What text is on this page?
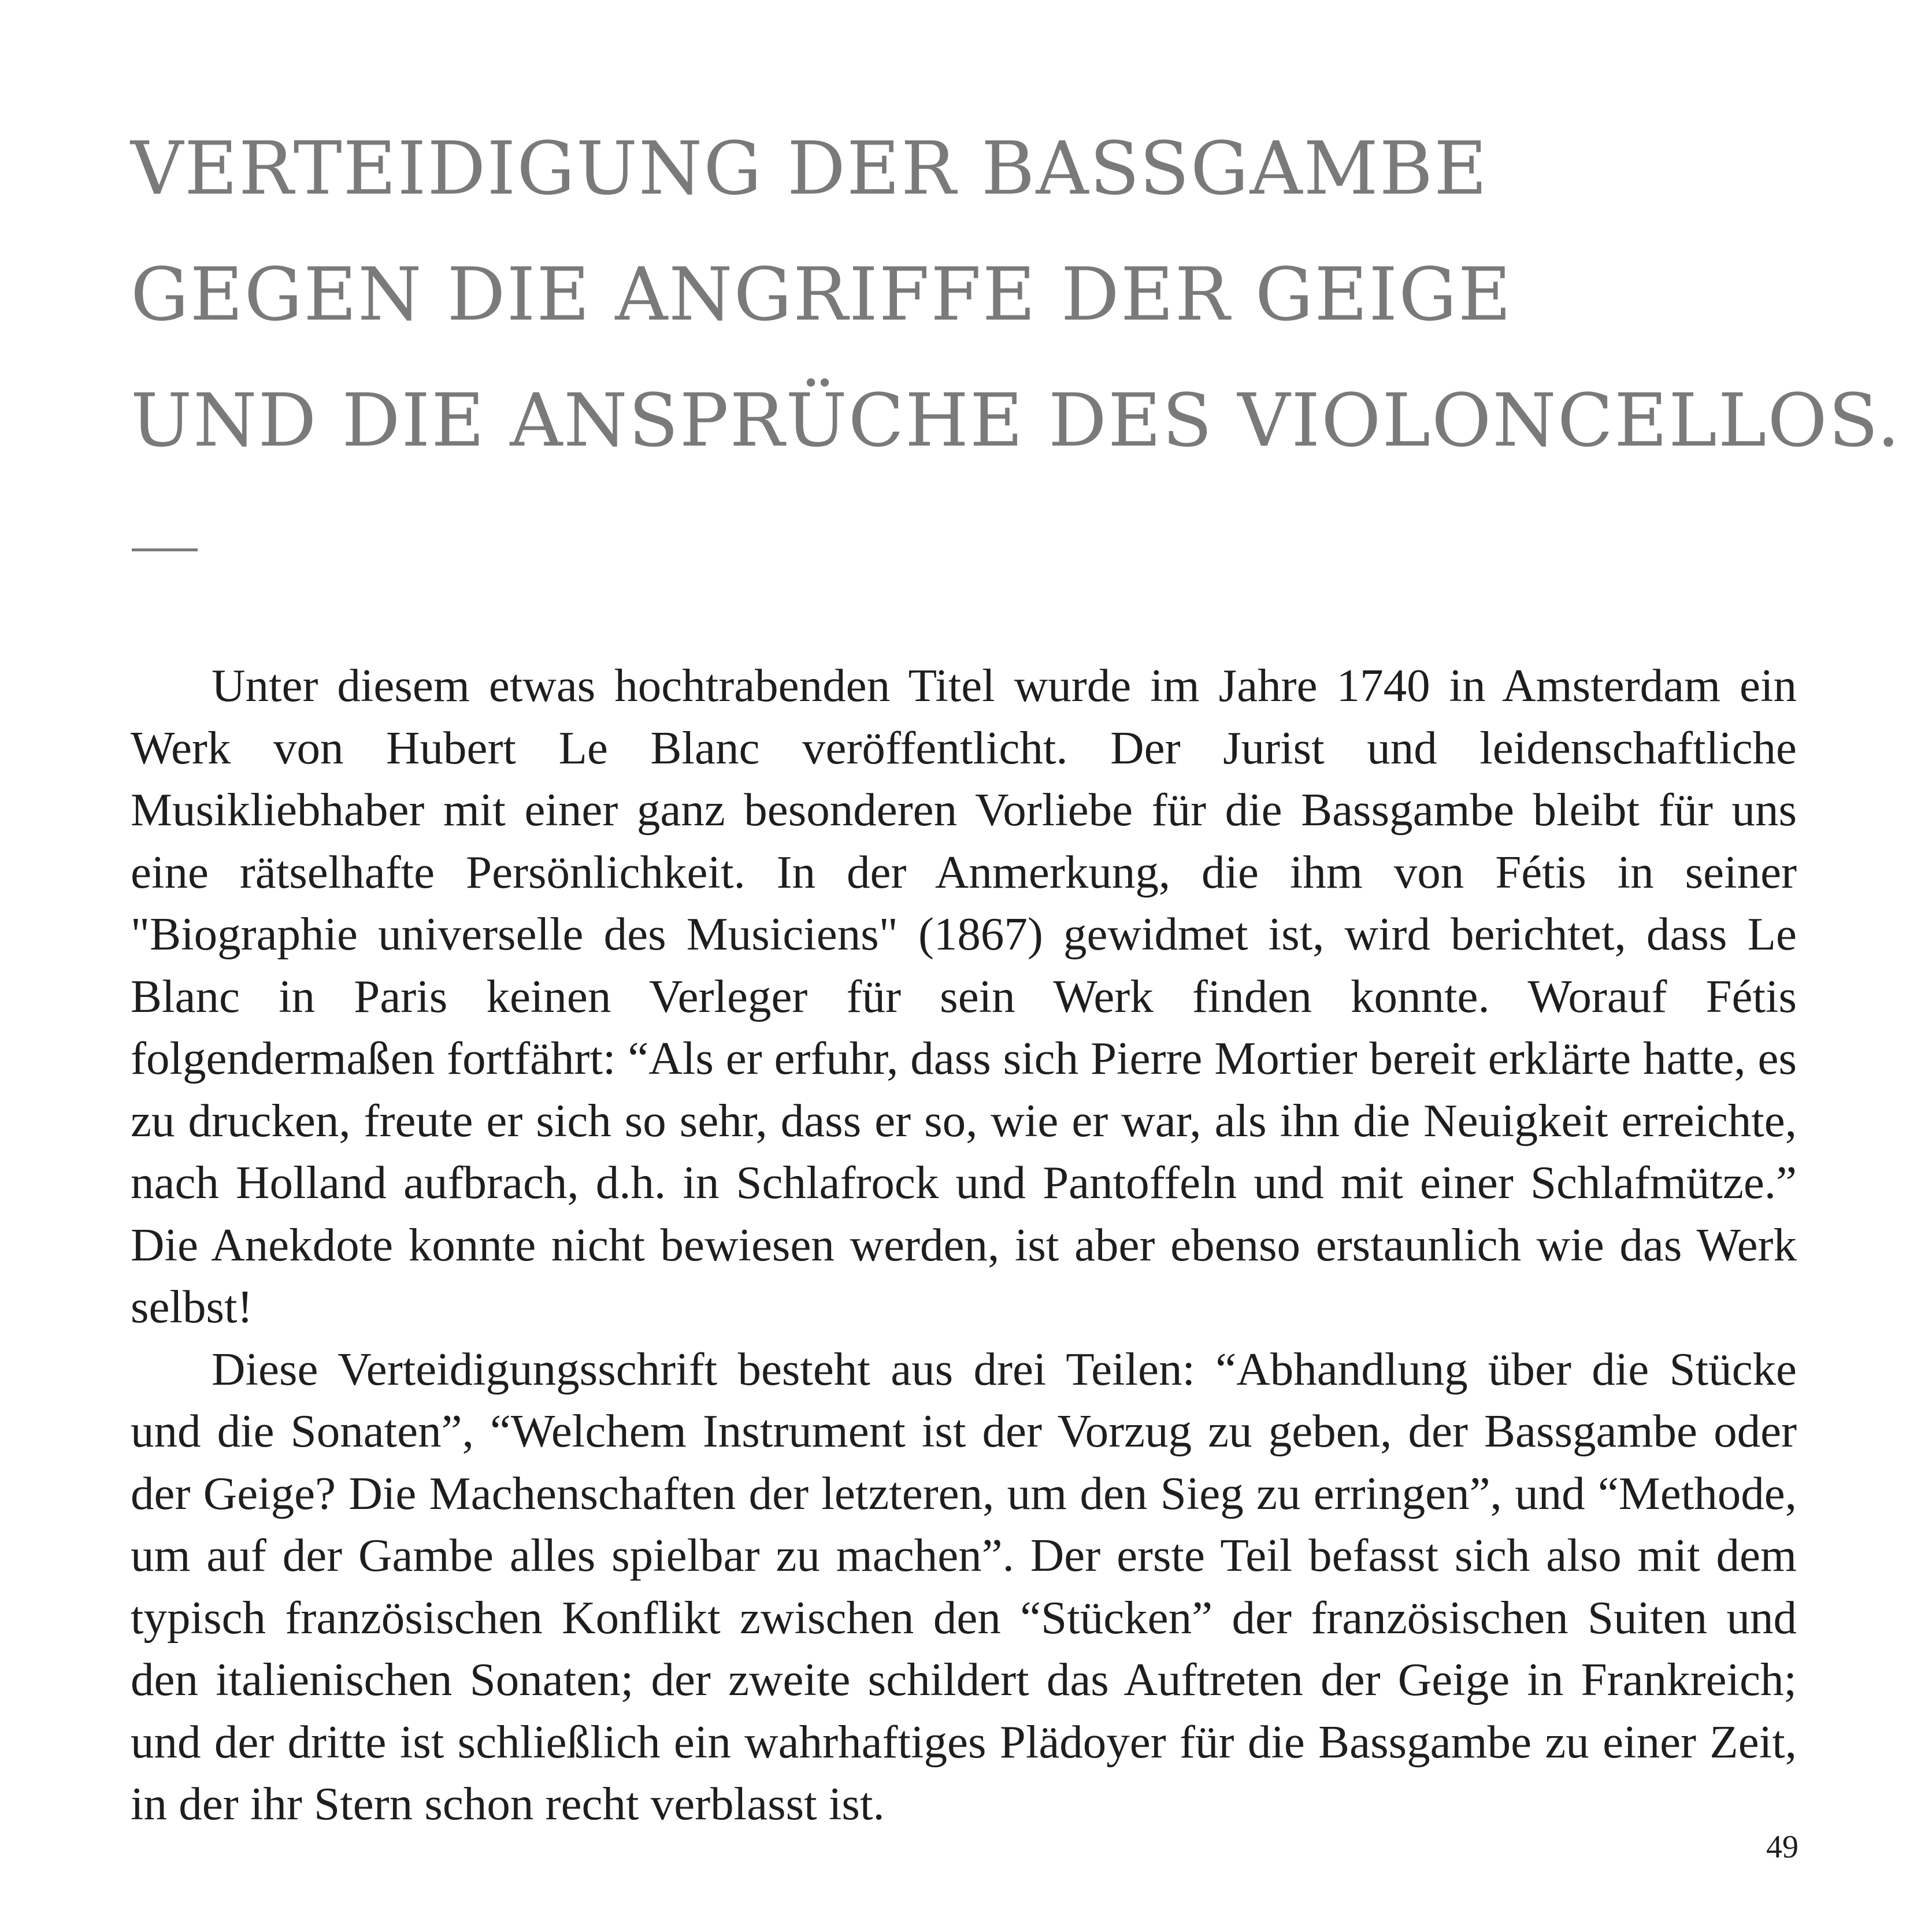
VERTEIDIGUNG DER BASSGAMBE
GEGEN DIE ANGRIFFE DER GEIGE
UND DIE ANSPRÜCHE DES VIOLONCELLOS.

Unter diesem etwas hochtrabenden Titel wurde im Jahre 1740 in Amsterdam ein Werk von Hubert Le Blanc veröffentlicht. Der Jurist und leidenschaftliche Musikliebhaber mit einer ganz besonderen Vorliebe für die Bassgambe bleibt für uns eine rätselhafte Persönlichkeit. In der Anmerkung, die ihm von Fétis in seiner "Biographie universelle des Musiciens" (1867) gewidmet ist, wird berichtet, dass Le Blanc in Paris keinen Verleger für sein Werk finden konnte. Worauf Fétis folgendermaßen fortfährt: “Als er erfuhr, dass sich Pierre Mortier bereit erklärte hatte, es zu drucken, freute er sich so sehr, dass er so, wie er war, als ihn die Neuigkeit erreichte, nach Holland aufbrach, d.h. in Schlafrock und Pantoffeln und mit einer Schlafmütze.” Die Anekdote konnte nicht bewiesen werden, ist aber ebenso erstaunlich wie das Werk selbst!

Diese Verteidigungsschrift besteht aus drei Teilen: “Abhandlung über die Stücke und die Sonaten”, “Welchem Instrument ist der Vorzug zu geben, der Bassgambe oder der Geige? Die Machenschaften der letzteren, um den Sieg zu erringen”, und “Methode, um auf der Gambe alles spielbar zu machen”. Der erste Teil befasst sich also mit dem typisch französischen Konflikt zwischen den “Stücken” der französischen Suiten und den italienischen Sonaten; der zweite schildert das Auftreten der Geige in Frankreich; und der dritte ist schließlich ein wahrhaftiges Plädoyer für die Bassgambe zu einer Zeit, in der ihr Stern schon recht verblasst ist.

49
